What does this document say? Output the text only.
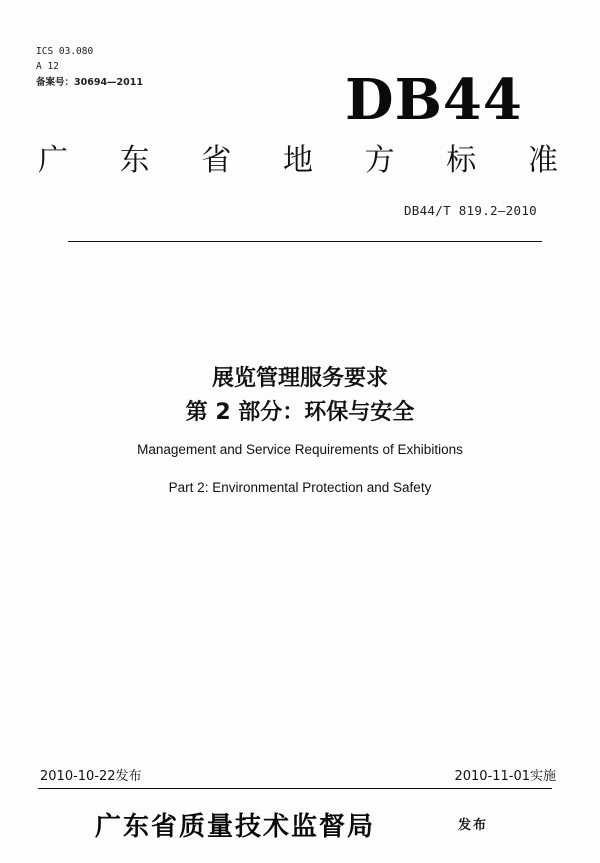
ICS 03.080
A 12
备案号：30694—2011	DB44
广 东 省 地 方 标 准
DB44/T 819.2—2010
展览管理服务要求
第 2 部分：环保与安全
Management and Service Requirements of Exhibitions
Part 2: Environmental Protection and Safety
2010-10-22发布	2010-11-01实施
广东省质量技术监督局	发布
